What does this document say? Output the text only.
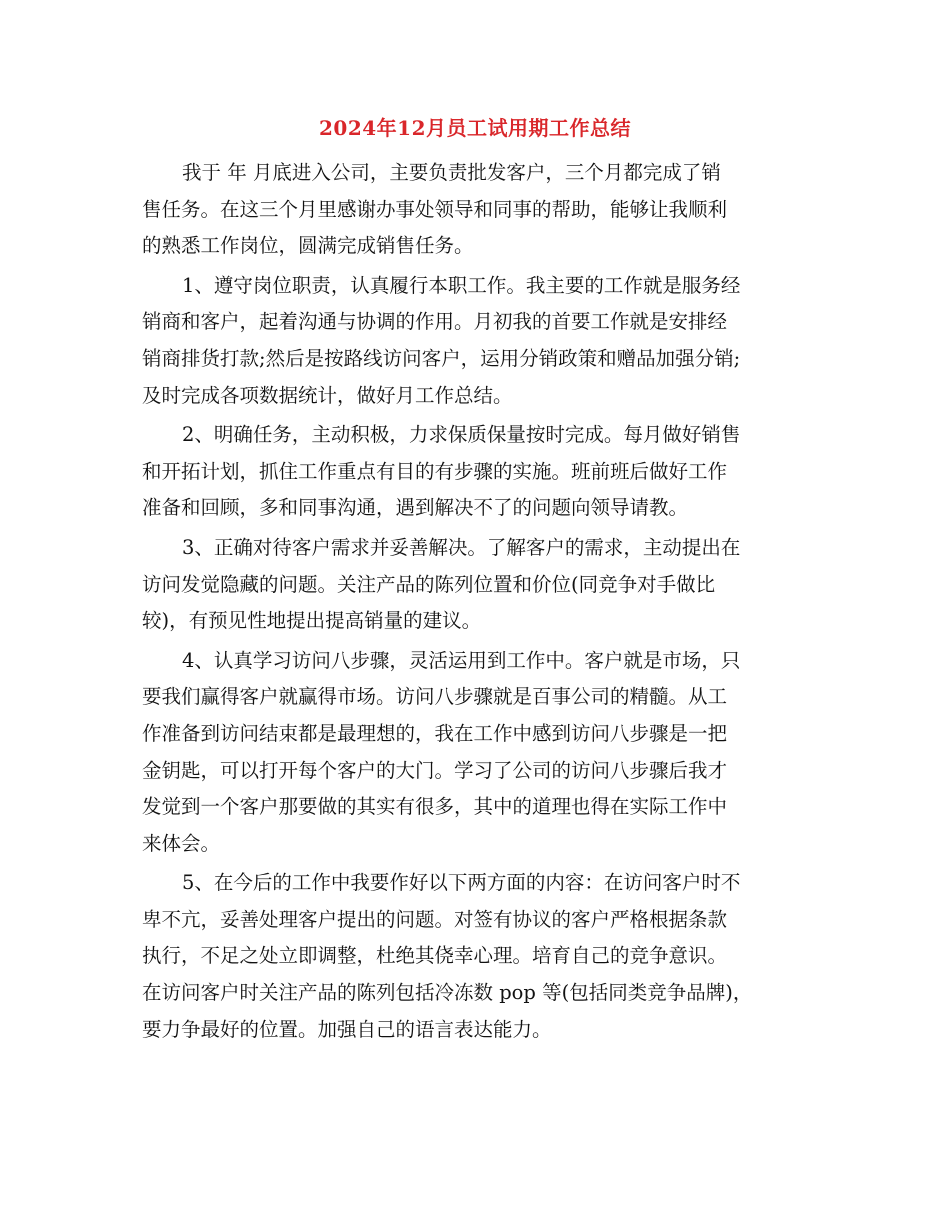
2024年12月员工试用期工作总结
我于 年 月底进入公司，主要负责批发客户，三个月都完成了销
售任务。在这三个月里感谢办事处领导和同事的帮助，能够让我顺利
的熟悉工作岗位，圆满完成销售任务。
1、遵守岗位职责，认真履行本职工作。我主要的工作就是服务经
销商和客户，起着沟通与协调的作用。月初我的首要工作就是安排经
销商排货打款;然后是按路线访问客户，运用分销政策和赠品加强分销;
及时完成各项数据统计，做好月工作总结。
2、明确任务，主动积极，力求保质保量按时完成。每月做好销售
和开拓计划，抓住工作重点有目的有步骤的实施。班前班后做好工作
准备和回顾，多和同事沟通，遇到解决不了的问题向领导请教。
3、正确对待客户需求并妥善解决。了解客户的需求，主动提出在
访问发觉隐藏的问题。关注产品的陈列位置和价位(同竞争对手做比
较)，有预见性地提出提高销量的建议。
4、认真学习访问八步骤，灵活运用到工作中。客户就是市场，只
要我们赢得客户就赢得市场。访问八步骤就是百事公司的精髓。从工
作准备到访问结束都是最理想的，我在工作中感到访问八步骤是一把
金钥匙，可以打开每个客户的大门。学习了公司的访问八步骤后我才
发觉到一个客户那要做的其实有很多，其中的道理也得在实际工作中
来体会。
5、在今后的工作中我要作好以下两方面的内容：在访问客户时不
卑不亢，妥善处理客户提出的问题。对签有协议的客户严格根据条款
执行，不足之处立即调整，杜绝其侥幸心理。培育自己的竞争意识。
在访问客户时关注产品的陈列包括冷冻数 pop 等(包括同类竞争品牌)，
要力争最好的位置。加强自己的语言表达能力。
